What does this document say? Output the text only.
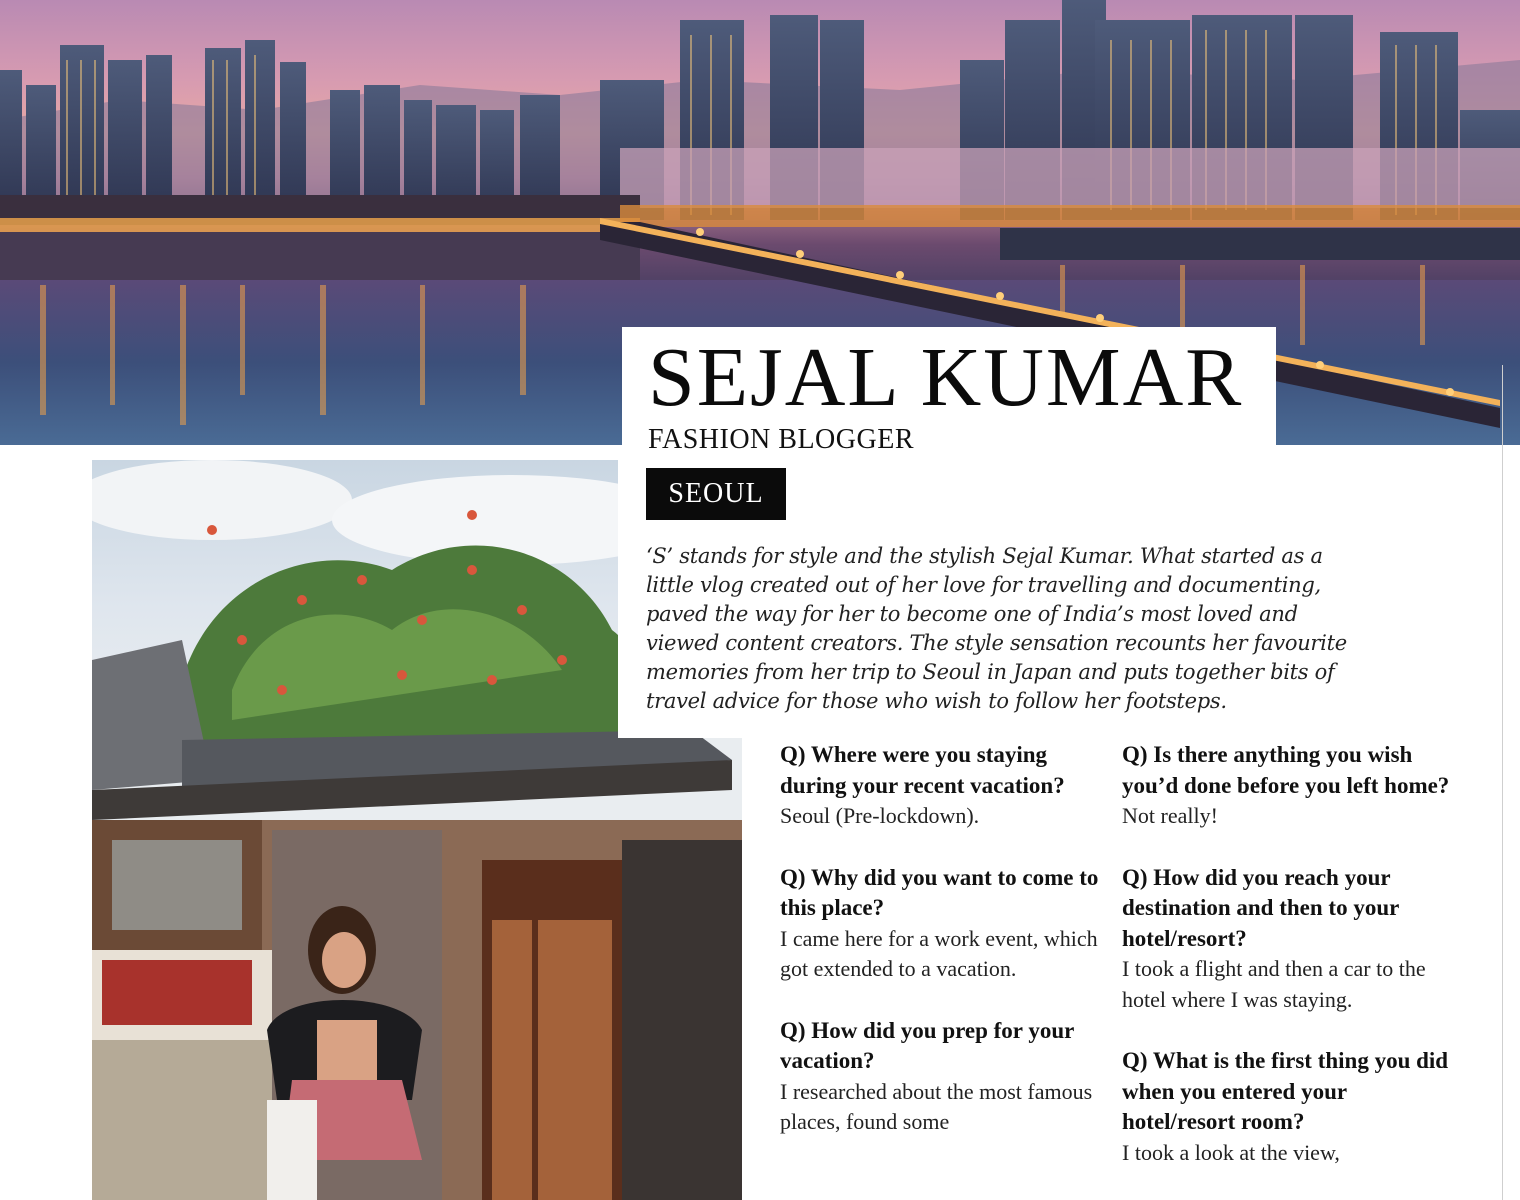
SEJAL KUMAR
FASHION BLOGGER
SEOUL

‘S’ stands for style and the stylish Sejal Kumar. What started as a little vlog created out of her love for travelling and documenting, paved the way for her to become one of India’s most loved and viewed content creators. The style sensation recounts her favourite memories from her trip to Seoul in Japan and puts together bits of travel advice for those who wish to follow her footsteps.

Q) Where were you staying during your recent vacation?

Seoul (Pre-lockdown).

Q) Why did you want to come to this place?

I came here for a work event, which got extended to a vacation.

Q) How did you prep for your vacation?

I researched about the most famous places, found some

Q) Is there anything you wish you’d done before you left home?

Not really!

Q) How did you reach your destination and then to your hotel/resort?

I took a flight and then a car to the hotel where I was staying.

Q) What is the first thing you did when you entered your hotel/resort room?

I took a look at the view,
